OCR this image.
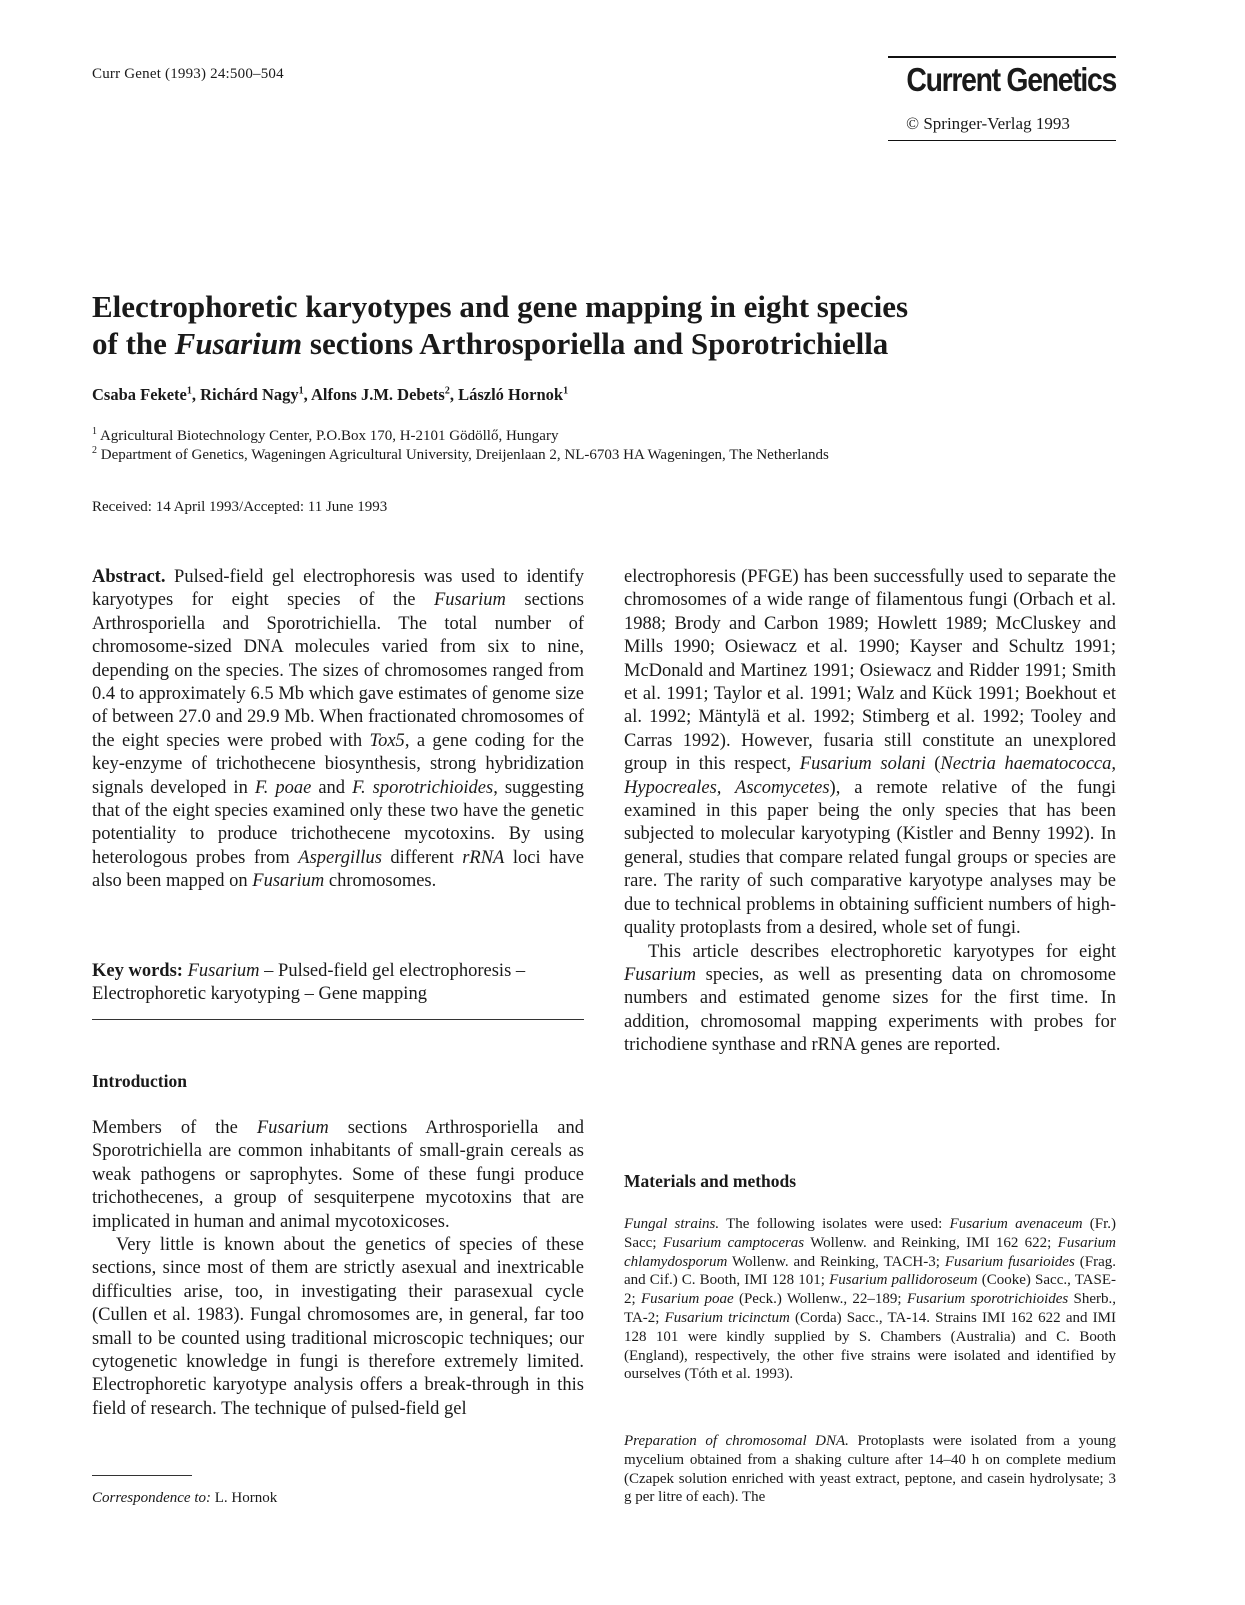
Curr Genet (1993) 24:500–504	Current Genetics
© Springer-Verlag 1993
Electrophoretic karyotypes and gene mapping in eight species
of the Fusarium sections Arthrosporiella and Sporotrichiella
Csaba Fekete$^1$, Richárd Nagy$^1$, Alfons J.M. Debets$^2$, László Hornok$^1$
$^1$ Agricultural Biotechnology Center, P.O.Box 170, H-2101 Gödöllő, Hungary
$^2$ Department of Genetics, Wageningen Agricultural University, Dreijenlaan 2, NL-6703 HA Wageningen, The Netherlands
Received: 14 April 1993/Accepted: 11 June 1993

Abstract. Pulsed-field gel electrophoresis was used to identify karyotypes for eight species of the Fusarium sections Arthrosporiella and Sporotrichiella. The total number of chromosome-sized DNA molecules varied from six to nine, depending on the species. The sizes of chromosomes ranged from 0.4 to approximately 6.5 Mb which gave estimates of genome size of between 27.0 and 29.9 Mb. When fractionated chromosomes of the eight species were probed with Tox5, a gene coding for the key-enzyme of trichothecene biosynthesis, strong hybridization signals developed in F. poae and F. sporotrichioides, suggesting that of the eight species examined only these two have the genetic potentiality to produce trichothecene mycotoxins. By using heterologous probes from Aspergillus different rRNA loci have also been mapped on Fusarium chromosomes.

Key words: Fusarium – Pulsed-field gel electrophoresis – Electrophoretic karyotyping – Gene mapping
Introduction

Members of the Fusarium sections Arthrosporiella and Sporotrichiella are common inhabitants of small-grain cereals as weak pathogens or saprophytes. Some of these fungi produce trichothecenes, a group of sesquiterpene mycotoxins that are implicated in human and animal mycotoxicoses.

Very little is known about the genetics of species of these sections, since most of them are strictly asexual and inextricable difficulties arise, too, in investigating their parasexual cycle (Cullen et al. 1983). Fungal chromosomes are, in general, far too small to be counted using traditional microscopic techniques; our cytogenetic knowledge in fungi is therefore extremely limited. Electrophoretic karyotype analysis offers a break-through in this field of research. The technique of pulsed-field gel

Correspondence to: L. Hornok

electrophoresis (PFGE) has been successfully used to separate the chromosomes of a wide range of filamentous fungi (Orbach et al. 1988; Brody and Carbon 1989; Howlett 1989; McCluskey and Mills 1990; Osiewacz et al. 1990; Kayser and Schultz 1991; McDonald and Martinez 1991; Osiewacz and Ridder 1991; Smith et al. 1991; Taylor et al. 1991; Walz and Kück 1991; Boekhout et al. 1992; Mäntylä et al. 1992; Stimberg et al. 1992; Tooley and Carras 1992). However, fusaria still constitute an unexplored group in this respect, Fusarium solani (Nectria haematococca, Hypocreales, Ascomycetes), a remote relative of the fungi examined in this paper being the only species that has been subjected to molecular karyotyping (Kistler and Benny 1992). In general, studies that compare related fungal groups or species are rare. The rarity of such comparative karyotype analyses may be due to technical problems in obtaining sufficient numbers of high-quality protoplasts from a desired, whole set of fungi.

This article describes electrophoretic karyotypes for eight Fusarium species, as well as presenting data on chromosome numbers and estimated genome sizes for the first time. In addition, chromosomal mapping experiments with probes for trichodiene synthase and rRNA genes are reported.

Materials and methods
Fungal strains. The following isolates were used: Fusarium avenaceum (Fr.) Sacc; Fusarium camptoceras Wollenw. and Reinking, IMI 162 622; Fusarium chlamydosporum Wollenw. and Reinking, TACH-3; Fusarium fusarioides (Frag. and Cif.) C. Booth, IMI 128 101; Fusarium pallidoroseum (Cooke) Sacc., TASE-2; Fusarium poae (Peck.) Wollenw., 22–189; Fusarium sporotrichioides Sherb., TA-2; Fusarium tricinctum (Corda) Sacc., TA-14. Strains IMI 162 622 and IMI 128 101 were kindly supplied by S. Chambers (Australia) and C. Booth (England), respectively, the other five strains were isolated and identified by ourselves (Tóth et al. 1993).
Preparation of chromosomal DNA. Protoplasts were isolated from a young mycelium obtained from a shaking culture after 14–40 h on complete medium (Czapek solution enriched with yeast extract, peptone, and casein hydrolysate; 3 g per litre of each). The
